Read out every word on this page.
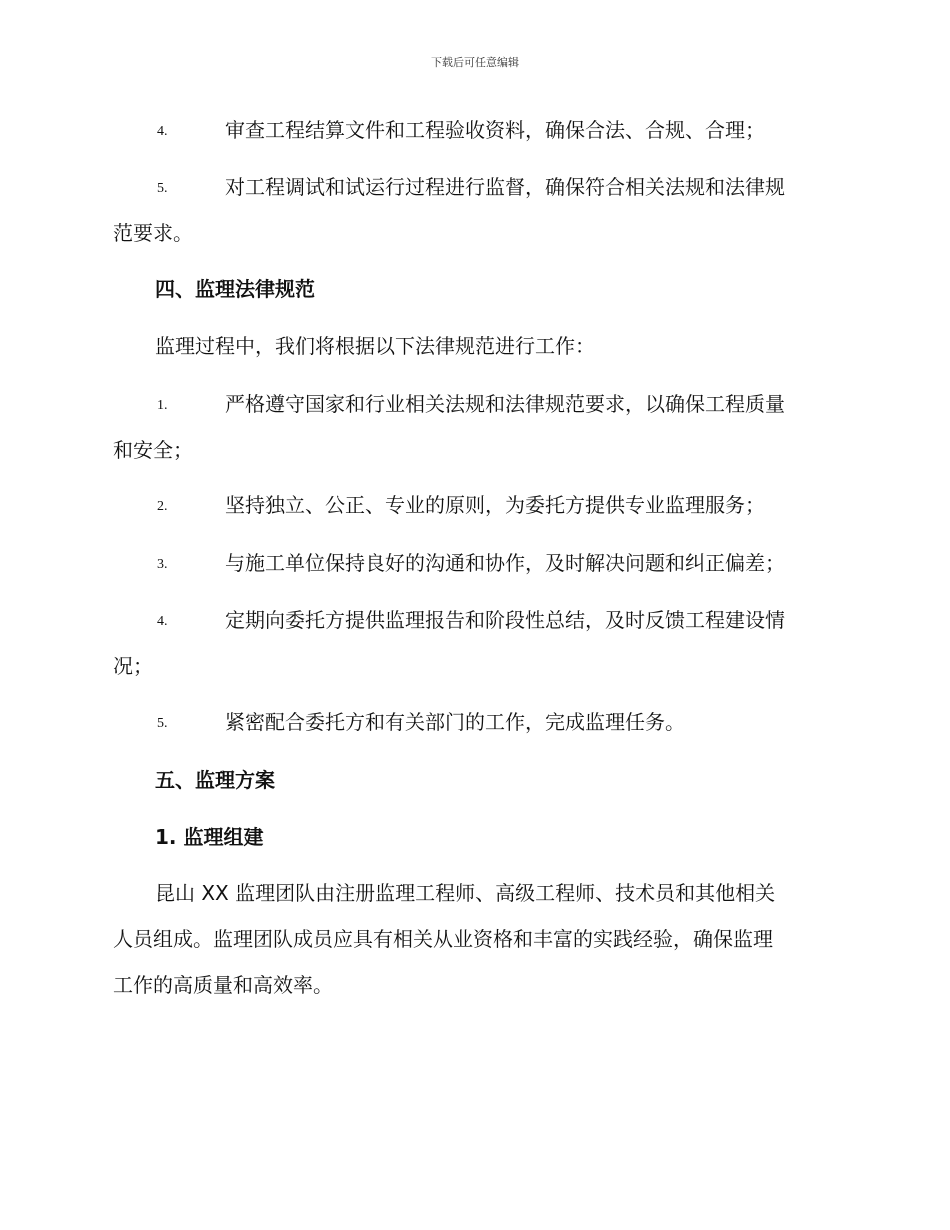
下载后可任意编辑
4.	审查工程结算文件和工程验收资料，确保合法、合规、合理；
5.	对工程调试和试运行过程进行监督，确保符合相关法规和法律规
范要求。
四、监理法律规范
监理过程中，我们将根据以下法律规范进行工作：
1.	严格遵守国家和行业相关法规和法律规范要求，以确保工程质量
和安全；
2.	坚持独立、公正、专业的原则，为委托方提供专业监理服务；
3.	与施工单位保持良好的沟通和协作，及时解决问题和纠正偏差；
4.	定期向委托方提供监理报告和阶段性总结，及时反馈工程建设情
况；
5.	紧密配合委托方和有关部门的工作，完成监理任务。
五、监理方案
1. 监理组建
昆山 XX 监理团队由注册监理工程师、高级工程师、技术员和其他相关
人员组成。监理团队成员应具有相关从业资格和丰富的实践经验，确保监理
工作的高质量和高效率。
